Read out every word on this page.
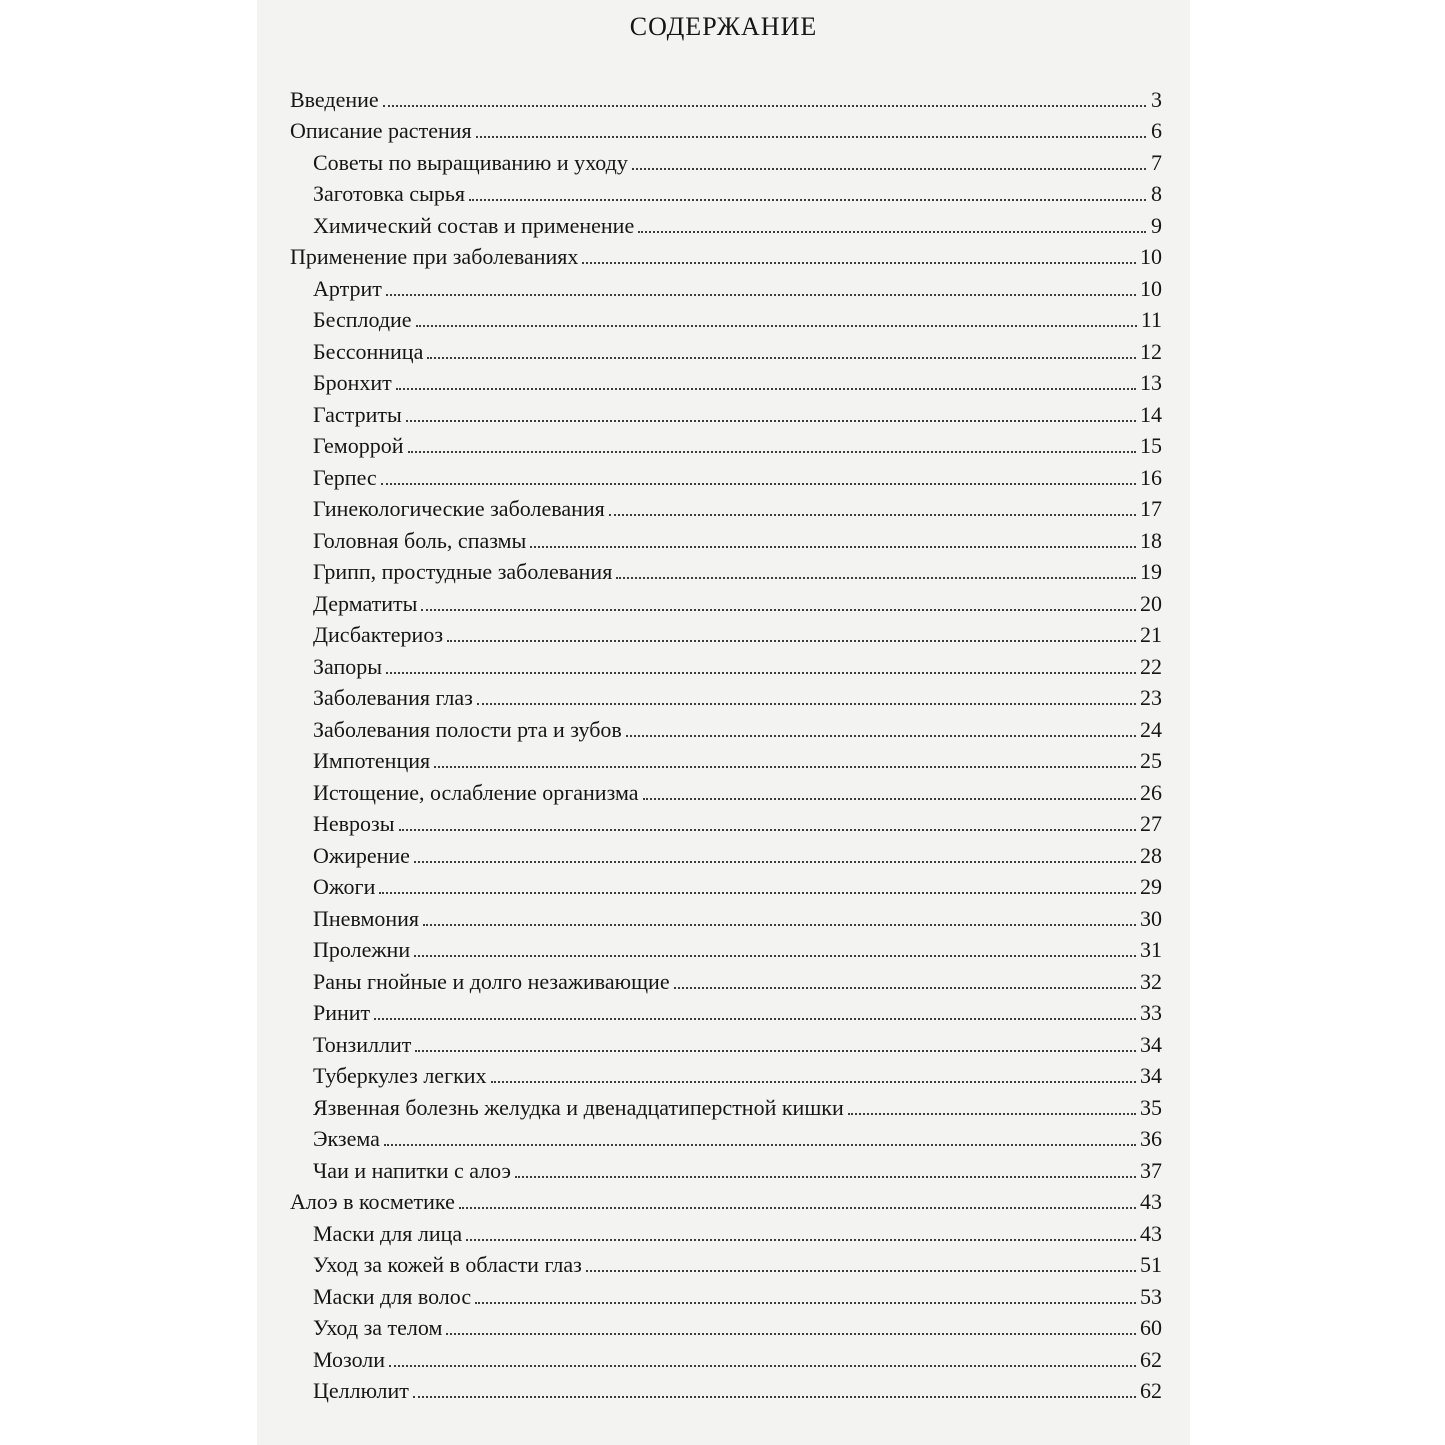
СОДЕРЖАНИЕ
Введение	3
Описание растения	6
Советы по выращиванию и уходу	7
Заготовка сырья	8
Химический состав и применение	9
Применение при заболеваниях	10
Артрит	10
Бесплодие	11
Бессонница	12
Бронхит	13
Гастриты	14
Геморрой	15
Герпес	16
Гинекологические заболевания	17
Головная боль, спазмы	18
Грипп, простудные заболевания	19
Дерматиты	20
Дисбактериоз	21
Запоры	22
Заболевания глаз	23
Заболевания полости рта и зубов	24
Импотенция	25
Истощение, ослабление организма	26
Неврозы	27
Ожирение	28
Ожоги	29
Пневмония	30
Пролежни	31
Раны гнойные и долго незаживающие	32
Ринит	33
Тонзиллит	34
Туберкулез легких	34
Язвенная болезнь желудка и двенадцатиперстной кишки	35
Экзема	36
Чаи и напитки с алоэ	37
Алоэ в косметике	43
Маски для лица	43
Уход за кожей в области глаз	51
Маски для волос	53
Уход за телом	60
Мозоли	62
Целлюлит	62
